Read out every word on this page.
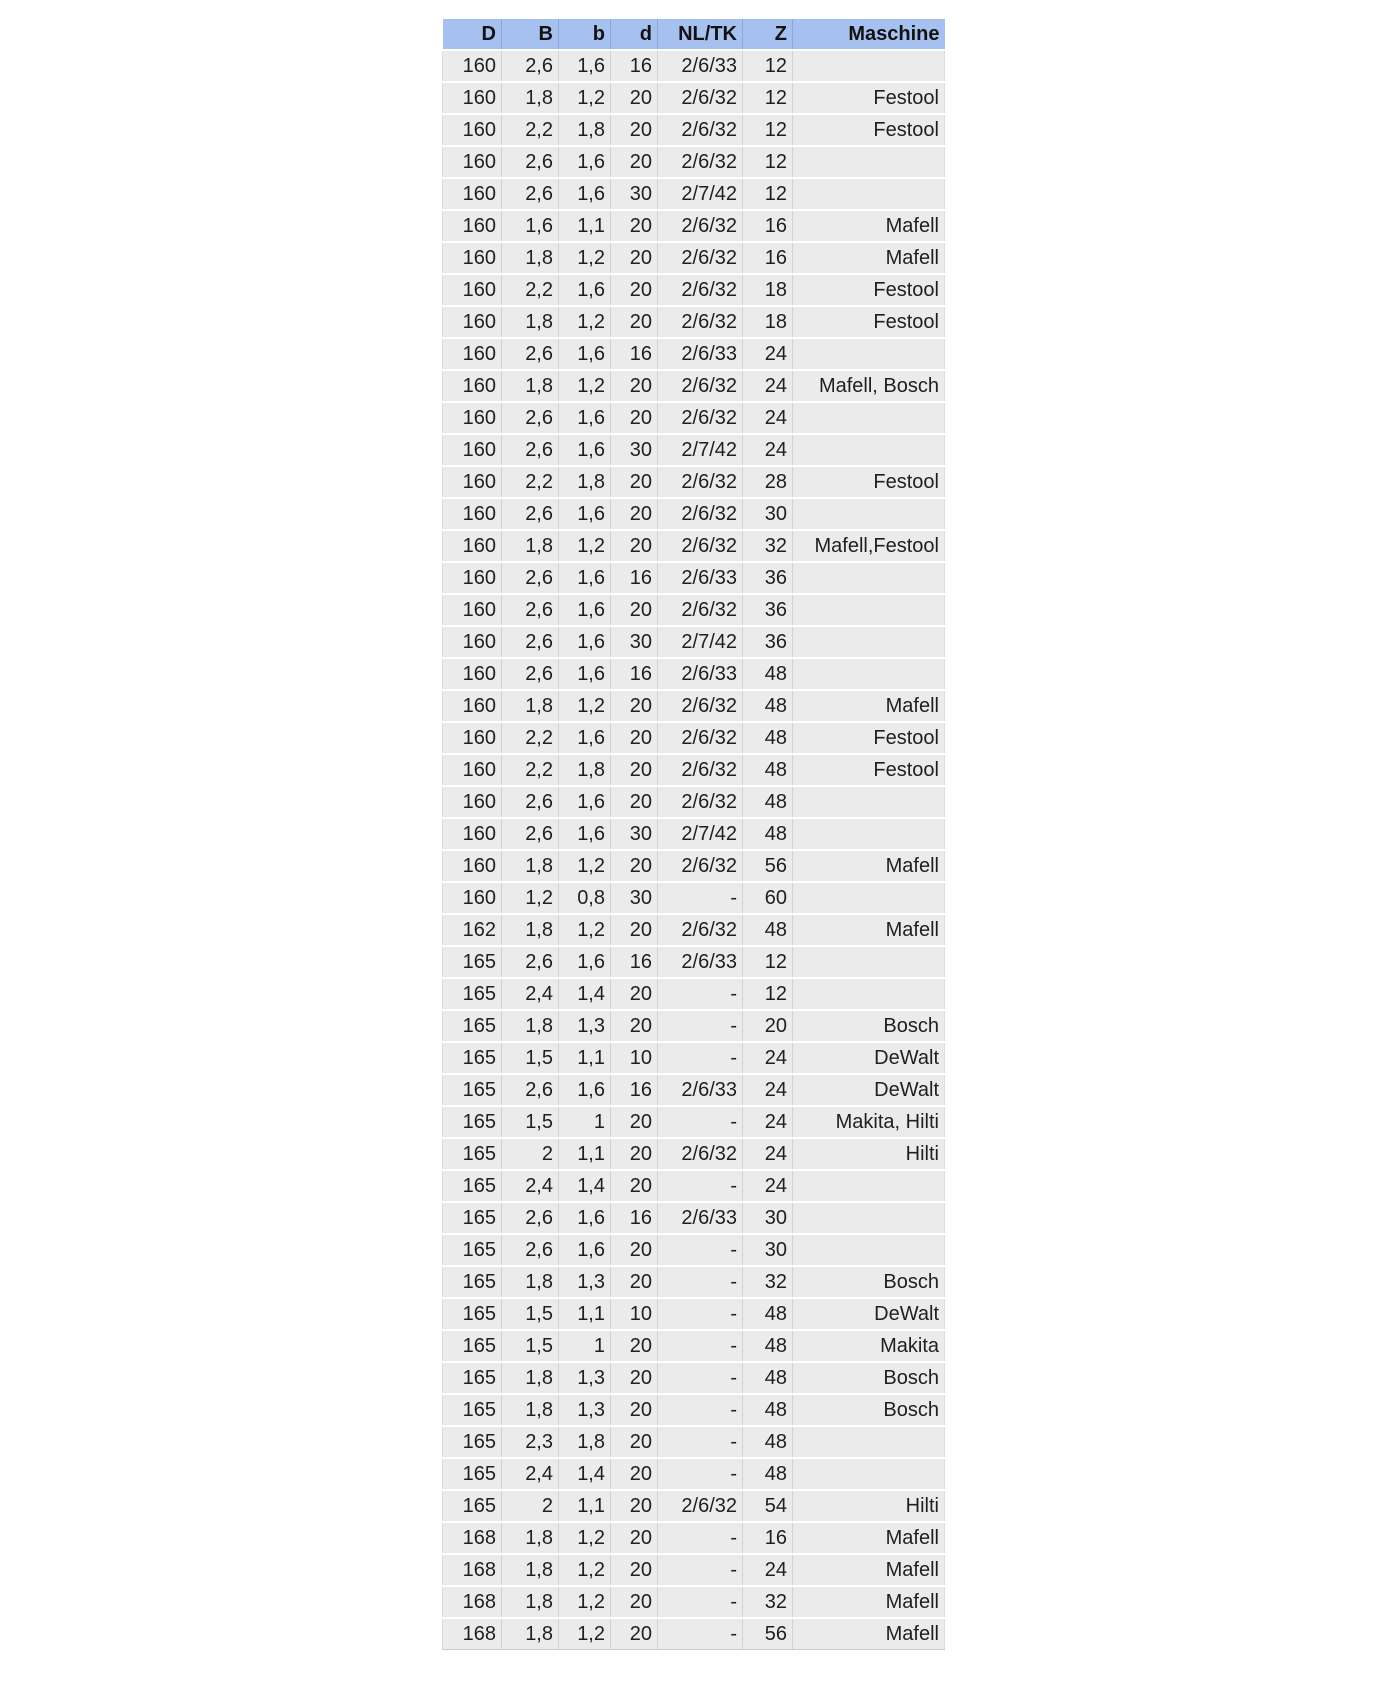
D	B	b	d	NL/TK	Z	Maschine
160	2,6	1,6	16	2/6/33	12	
160	1,8	1,2	20	2/6/32	12	Festool
160	2,2	1,8	20	2/6/32	12	Festool
160	2,6	1,6	20	2/6/32	12	
160	2,6	1,6	30	2/7/42	12	
160	1,6	1,1	20	2/6/32	16	Mafell
160	1,8	1,2	20	2/6/32	16	Mafell
160	2,2	1,6	20	2/6/32	18	Festool
160	1,8	1,2	20	2/6/32	18	Festool
160	2,6	1,6	16	2/6/33	24	
160	1,8	1,2	20	2/6/32	24	Mafell, Bosch
160	2,6	1,6	20	2/6/32	24	
160	2,6	1,6	30	2/7/42	24	
160	2,2	1,8	20	2/6/32	28	Festool
160	2,6	1,6	20	2/6/32	30	
160	1,8	1,2	20	2/6/32	32	Mafell,Festool
160	2,6	1,6	16	2/6/33	36	
160	2,6	1,6	20	2/6/32	36	
160	2,6	1,6	30	2/7/42	36	
160	2,6	1,6	16	2/6/33	48	
160	1,8	1,2	20	2/6/32	48	Mafell
160	2,2	1,6	20	2/6/32	48	Festool
160	2,2	1,8	20	2/6/32	48	Festool
160	2,6	1,6	20	2/6/32	48	
160	2,6	1,6	30	2/7/42	48	
160	1,8	1,2	20	2/6/32	56	Mafell
160	1,2	0,8	30	-	60	
162	1,8	1,2	20	2/6/32	48	Mafell
165	2,6	1,6	16	2/6/33	12	
165	2,4	1,4	20	-	12	
165	1,8	1,3	20	-	20	Bosch
165	1,5	1,1	10	-	24	DeWalt
165	2,6	1,6	16	2/6/33	24	DeWalt
165	1,5	1	20	-	24	Makita, Hilti
165	2	1,1	20	2/6/32	24	Hilti
165	2,4	1,4	20	-	24	
165	2,6	1,6	16	2/6/33	30	
165	2,6	1,6	20	-	30	
165	1,8	1,3	20	-	32	Bosch
165	1,5	1,1	10	-	48	DeWalt
165	1,5	1	20	-	48	Makita
165	1,8	1,3	20	-	48	Bosch
165	1,8	1,3	20	-	48	Bosch
165	2,3	1,8	20	-	48	
165	2,4	1,4	20	-	48	
165	2	1,1	20	2/6/32	54	Hilti
168	1,8	1,2	20	-	16	Mafell
168	1,8	1,2	20	-	24	Mafell
168	1,8	1,2	20	-	32	Mafell
168	1,8	1,2	20	-	56	Mafell
